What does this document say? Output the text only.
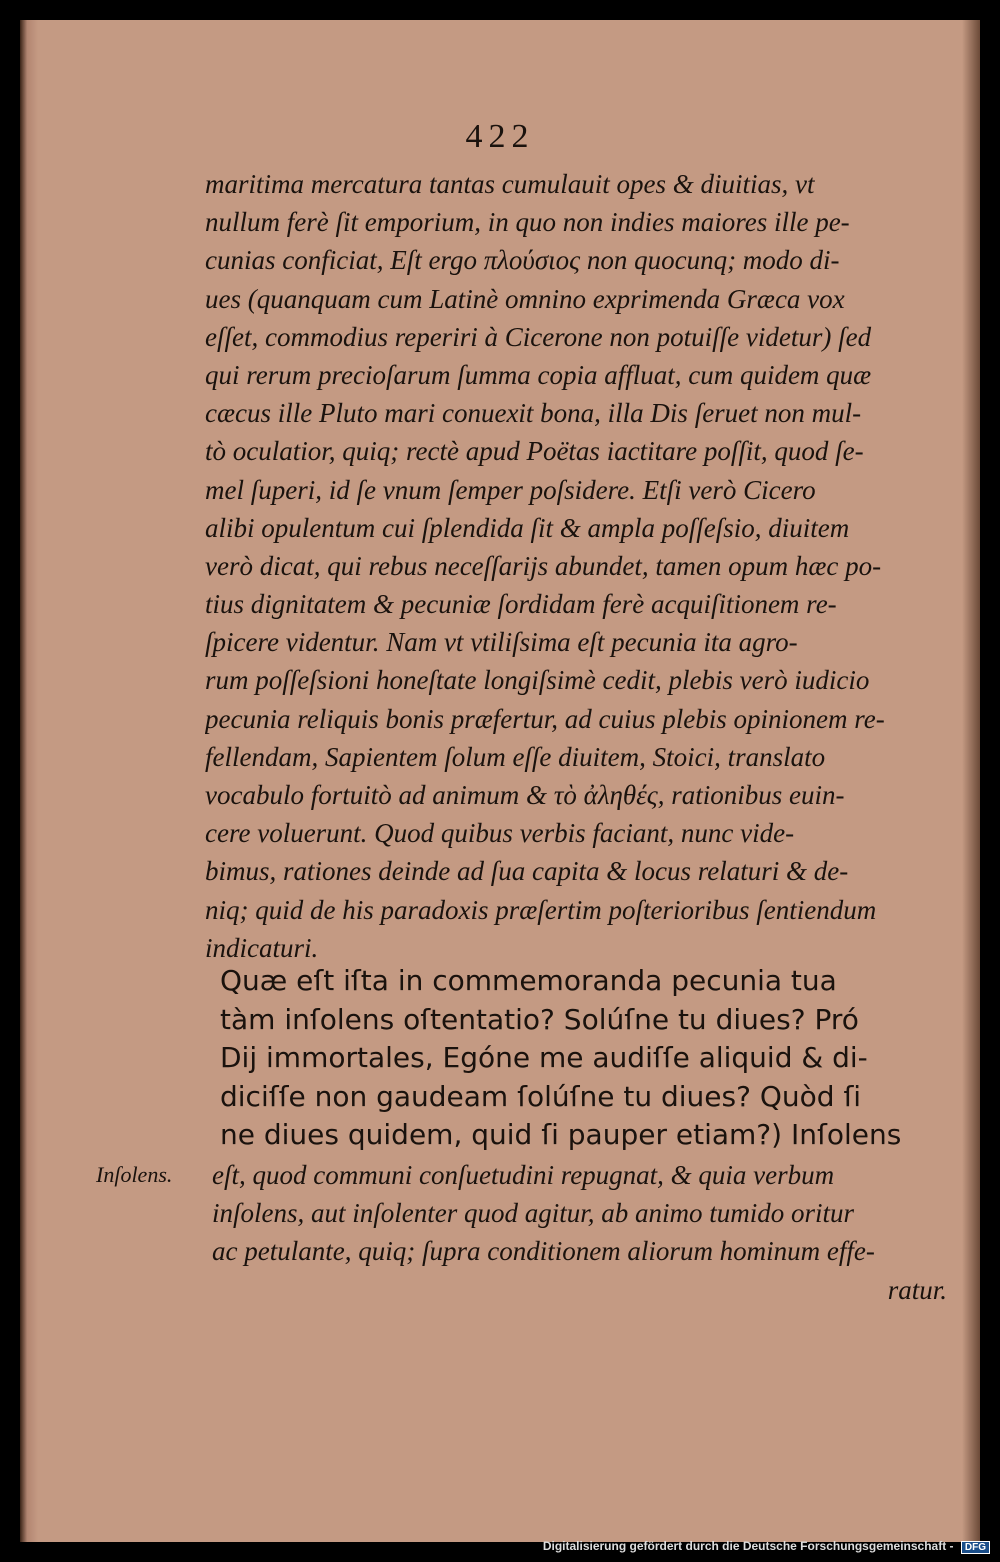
422
maritima mercatura tantas cumulauit opes & diuitias, vt
nullum ferè ſit emporium, in quo non indies maiores ille pe-
cunias conficiat, Eſt ergo πλούσιος non quocunq; modo di-
ues (quanquam cum Latinè omnino exprimenda Græca vox
eſſet, commodius reperiri à Cicerone non potuiſſe videtur) ſed
qui rerum precioſarum ſumma copia affluat, cum quidem quæ
cæcus ille Pluto mari conuexit bona, illa Dis ſeruet non mul-
tò oculatior, quiq; rectè apud Poëtas iactitare poſſit, quod ſe-
mel ſuperi, id ſe vnum ſemper poſsidere. Etſi verò Cicero
alibi opulentum cui ſplendida ſit & ampla poſſeſsio, diuitem
verò dicat, qui rebus neceſſarijs abundet, tamen opum hæc po-
tius dignitatem & pecuniæ ſordidam ferè acquiſitionem re-
ſpicere videntur. Nam vt vtiliſsima eſt pecunia ita agro-
rum poſſeſsioni honeſtate longiſsimè cedit, plebis verò iudicio
pecunia reliquis bonis præfertur, ad cuius plebis opinionem re-
fellendam, Sapientem ſolum eſſe diuitem, Stoici, translato
vocabulo fortuitò ad animum & τὸ ἀληθές, rationibus euin-
cere voluerunt. Quod quibus verbis faciant, nunc vide-
bimus, rationes deinde ad ſua capita & locus relaturi & de-
niq; quid de his paradoxis præſertim poſterioribus ſentiendum
indicaturi.
Quæ eſt iſta in commemoranda pecunia tua
tàm inſolens oſtentatio? Solúſne tu diues? Pró
Dij immortales, Egóne me audiſſe aliquid & di-
diciſſe non gaudeam ſolúſne tu diues? Quòd ſi
ne diues quidem, quid ſi pauper etiam?) Inſolens
Inſolens. eſt, quod communi conſuetudini repugnat, & quia verbum
inſolens, aut inſolenter quod agitur, ab animo tumido oritur
ac petulante, quiq; ſupra conditionem aliorum hominum effe-
ratur.
Digitalisierung gefördert durch die Deutsche Forschungsgemeinschaft - DFG
